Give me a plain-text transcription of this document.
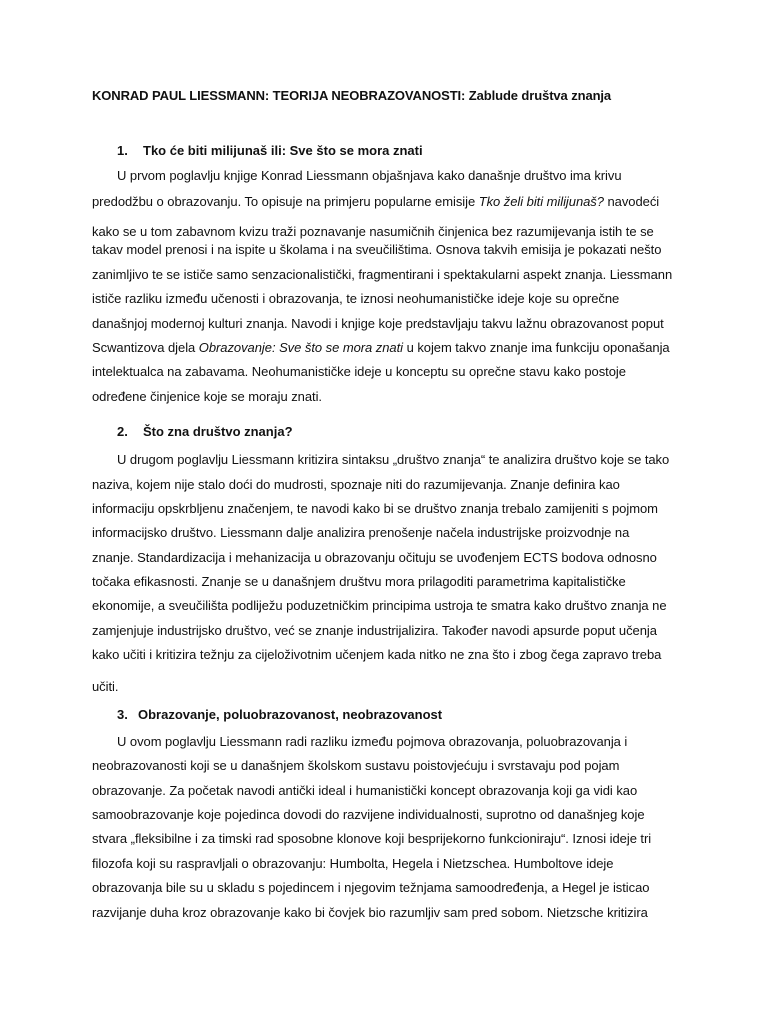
KONRAD PAUL LIESSMANN: TEORIJA NEOBRAZOVANOSTI: Zablude društva znanja
1. Tko će biti milijunaš ili: Sve što se mora znati
U prvom poglavlju knjige Konrad Liessmann objašnjava kako današnje društvo ima krivu
predodžbu o obrazovanju. To opisuje na primjeru popularne emisije Tko želi biti milijunaš? navodeći
kako se u tom zabavnom kvizu traži poznavanje nasumičnih činjenica bez razumijevanja istih te se
takav model prenosi i na ispite u školama i na sveučilištima. Osnova takvih emisija je pokazati nešto
zanimljivo te se ističe samo senzacionalistički, fragmentirani i spektakularni aspekt znanja. Liessmann
ističe razliku između učenosti i obrazovanja, te iznosi neohumanističke ideje koje su oprečne
današnjoj modernoj kulturi znanja. Navodi i knjige koje predstavljaju takvu lažnu obrazovanost poput
Scwantizova djela Obrazovanje: Sve što se mora znati u kojem takvo znanje ima funkciju oponašanja
intelektualca na zabavama. Neohumanističke ideje u konceptu su oprečne stavu kako postoje
određene činjenice koje se moraju znati.
2. Što zna društvo znanja?
U drugom poglavlju Liessmann kritizira sintaksu „društvo znanja“ te analizira društvo koje se tako
naziva, kojem nije stalo doći do mudrosti, spoznaje niti do razumijevanja. Znanje definira kao
informaciju opskrbljenu značenjem, te navodi kako bi se društvo znanja trebalo zamijeniti s pojmom
informacijsko društvo. Liessmann dalje analizira prenošenje načela industrijske proizvodnje na
znanje. Standardizacija i mehanizacija u obrazovanju očituju se uvođenjem ECTS bodova odnosno
točaka efikasnosti. Znanje se u današnjem društvu mora prilagoditi parametrima kapitalističke
ekonomije, a sveučilišta podliježu poduzetničkim principima ustroja te smatra kako društvo znanja ne
zamjenjuje industrijsko društvo, već se znanje industrijalizira. Također navodi apsurde poput učenja
kako učiti i kritizira težnju za cijeloživotnim učenjem kada nitko ne zna što i zbog čega zapravo treba
učiti.
3. Obrazovanje, poluobrazovanost, neobrazovanost
U ovom poglavlju Liessmann radi razliku između pojmova obrazovanja, poluobrazovanja i
neobrazovanosti koji se u današnjem školskom sustavu poistovjećuju i svrstavaju pod pojam
obrazovanje. Za početak navodi antički ideal i humanistički koncept obrazovanja koji ga vidi kao
samoobrazovanje koje pojedinca dovodi do razvijene individualnosti, suprotno od današnjeg koje
stvara „fleksibilne i za timski rad sposobne klonove koji besprijekorno funkcioniraju“. Iznosi ideje tri
filozofa koji su raspravljali o obrazovanju: Humbolta, Hegela i Nietzschea. Humboltove ideje
obrazovanja bile su u skladu s pojedincem i njegovim težnjama samoodređenja, a Hegel je isticao
razvijanje duha kroz obrazovanje kako bi čovjek bio razumljiv sam pred sobom. Nietzsche kritizira
